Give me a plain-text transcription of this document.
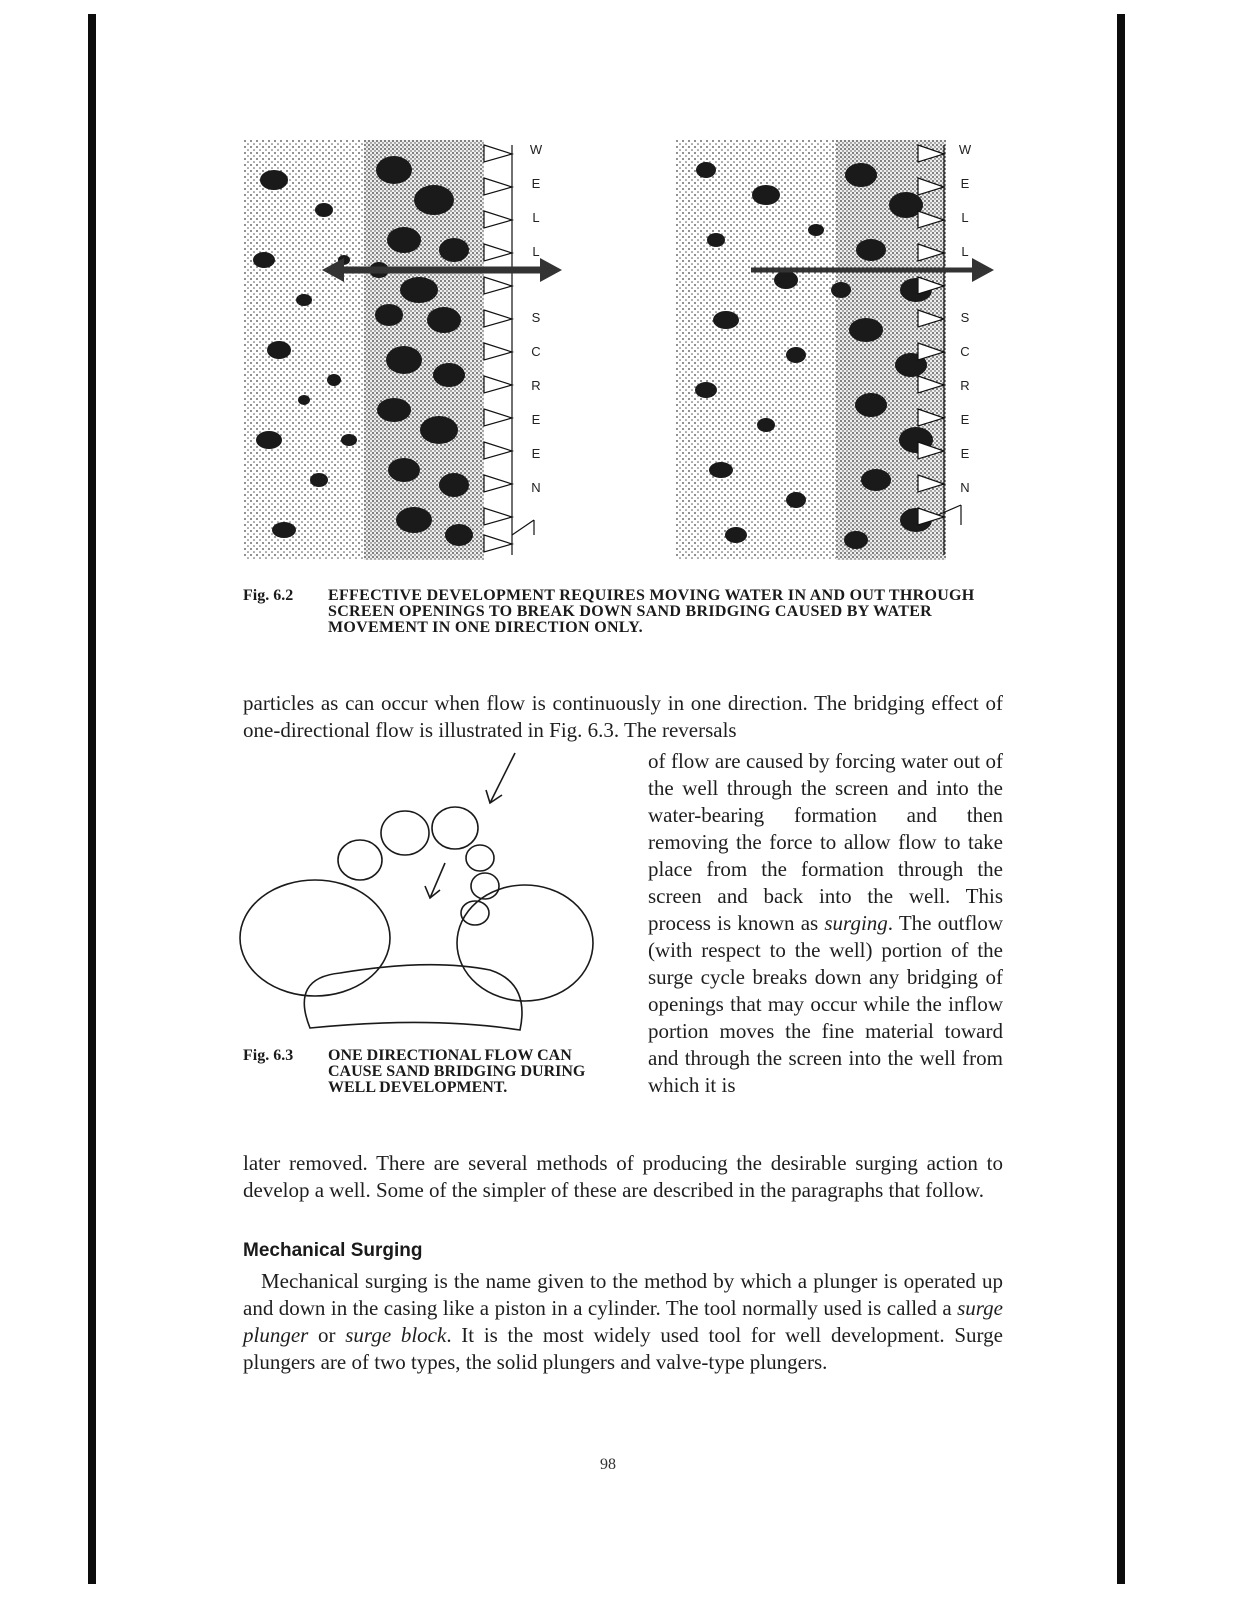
W
E
L
L
S
C
R
E
E
N
W
E
L
L
S
C
R
E
E
N
Fig. 6.2	EFFECTIVE DEVELOPMENT REQUIRES MOVING WATER IN AND OUT THROUGH SCREEN OPENINGS TO BREAK DOWN SAND BRIDGING CAUSED BY WATER MOVEMENT IN ONE DIRECTION ONLY.
particles as can occur when flow is continuously in one direction. The bridging effect of one-directional flow is illustrated in Fig. 6.3. The reversals
of flow are caused by forcing water out of the well through the screen and into the water-bearing formation and then removing the force to allow flow to take place from the formation through the screen and back into the well. This process is known as surging. The outflow (with respect to the well) portion of the surge cycle breaks down any bridging of openings that may occur while the inflow portion moves the fine material toward and through the screen into the well from which it is
Fig. 6.3	ONE DIRECTIONAL FLOW CAN CAUSE SAND BRIDGING DURING WELL DEVELOPMENT.
later removed. There are several methods of producing the desirable surging action to develop a well. Some of the simpler of these are described in the paragraphs that follow.
Mechanical Surging
Mechanical surging is the name given to the method by which a plunger is operated up and down in the casing like a piston in a cylinder. The tool normally used is called a surge plunger or surge block. It is the most widely used tool for well development. Surge plungers are of two types, the solid plungers and valve-type plungers.
98
